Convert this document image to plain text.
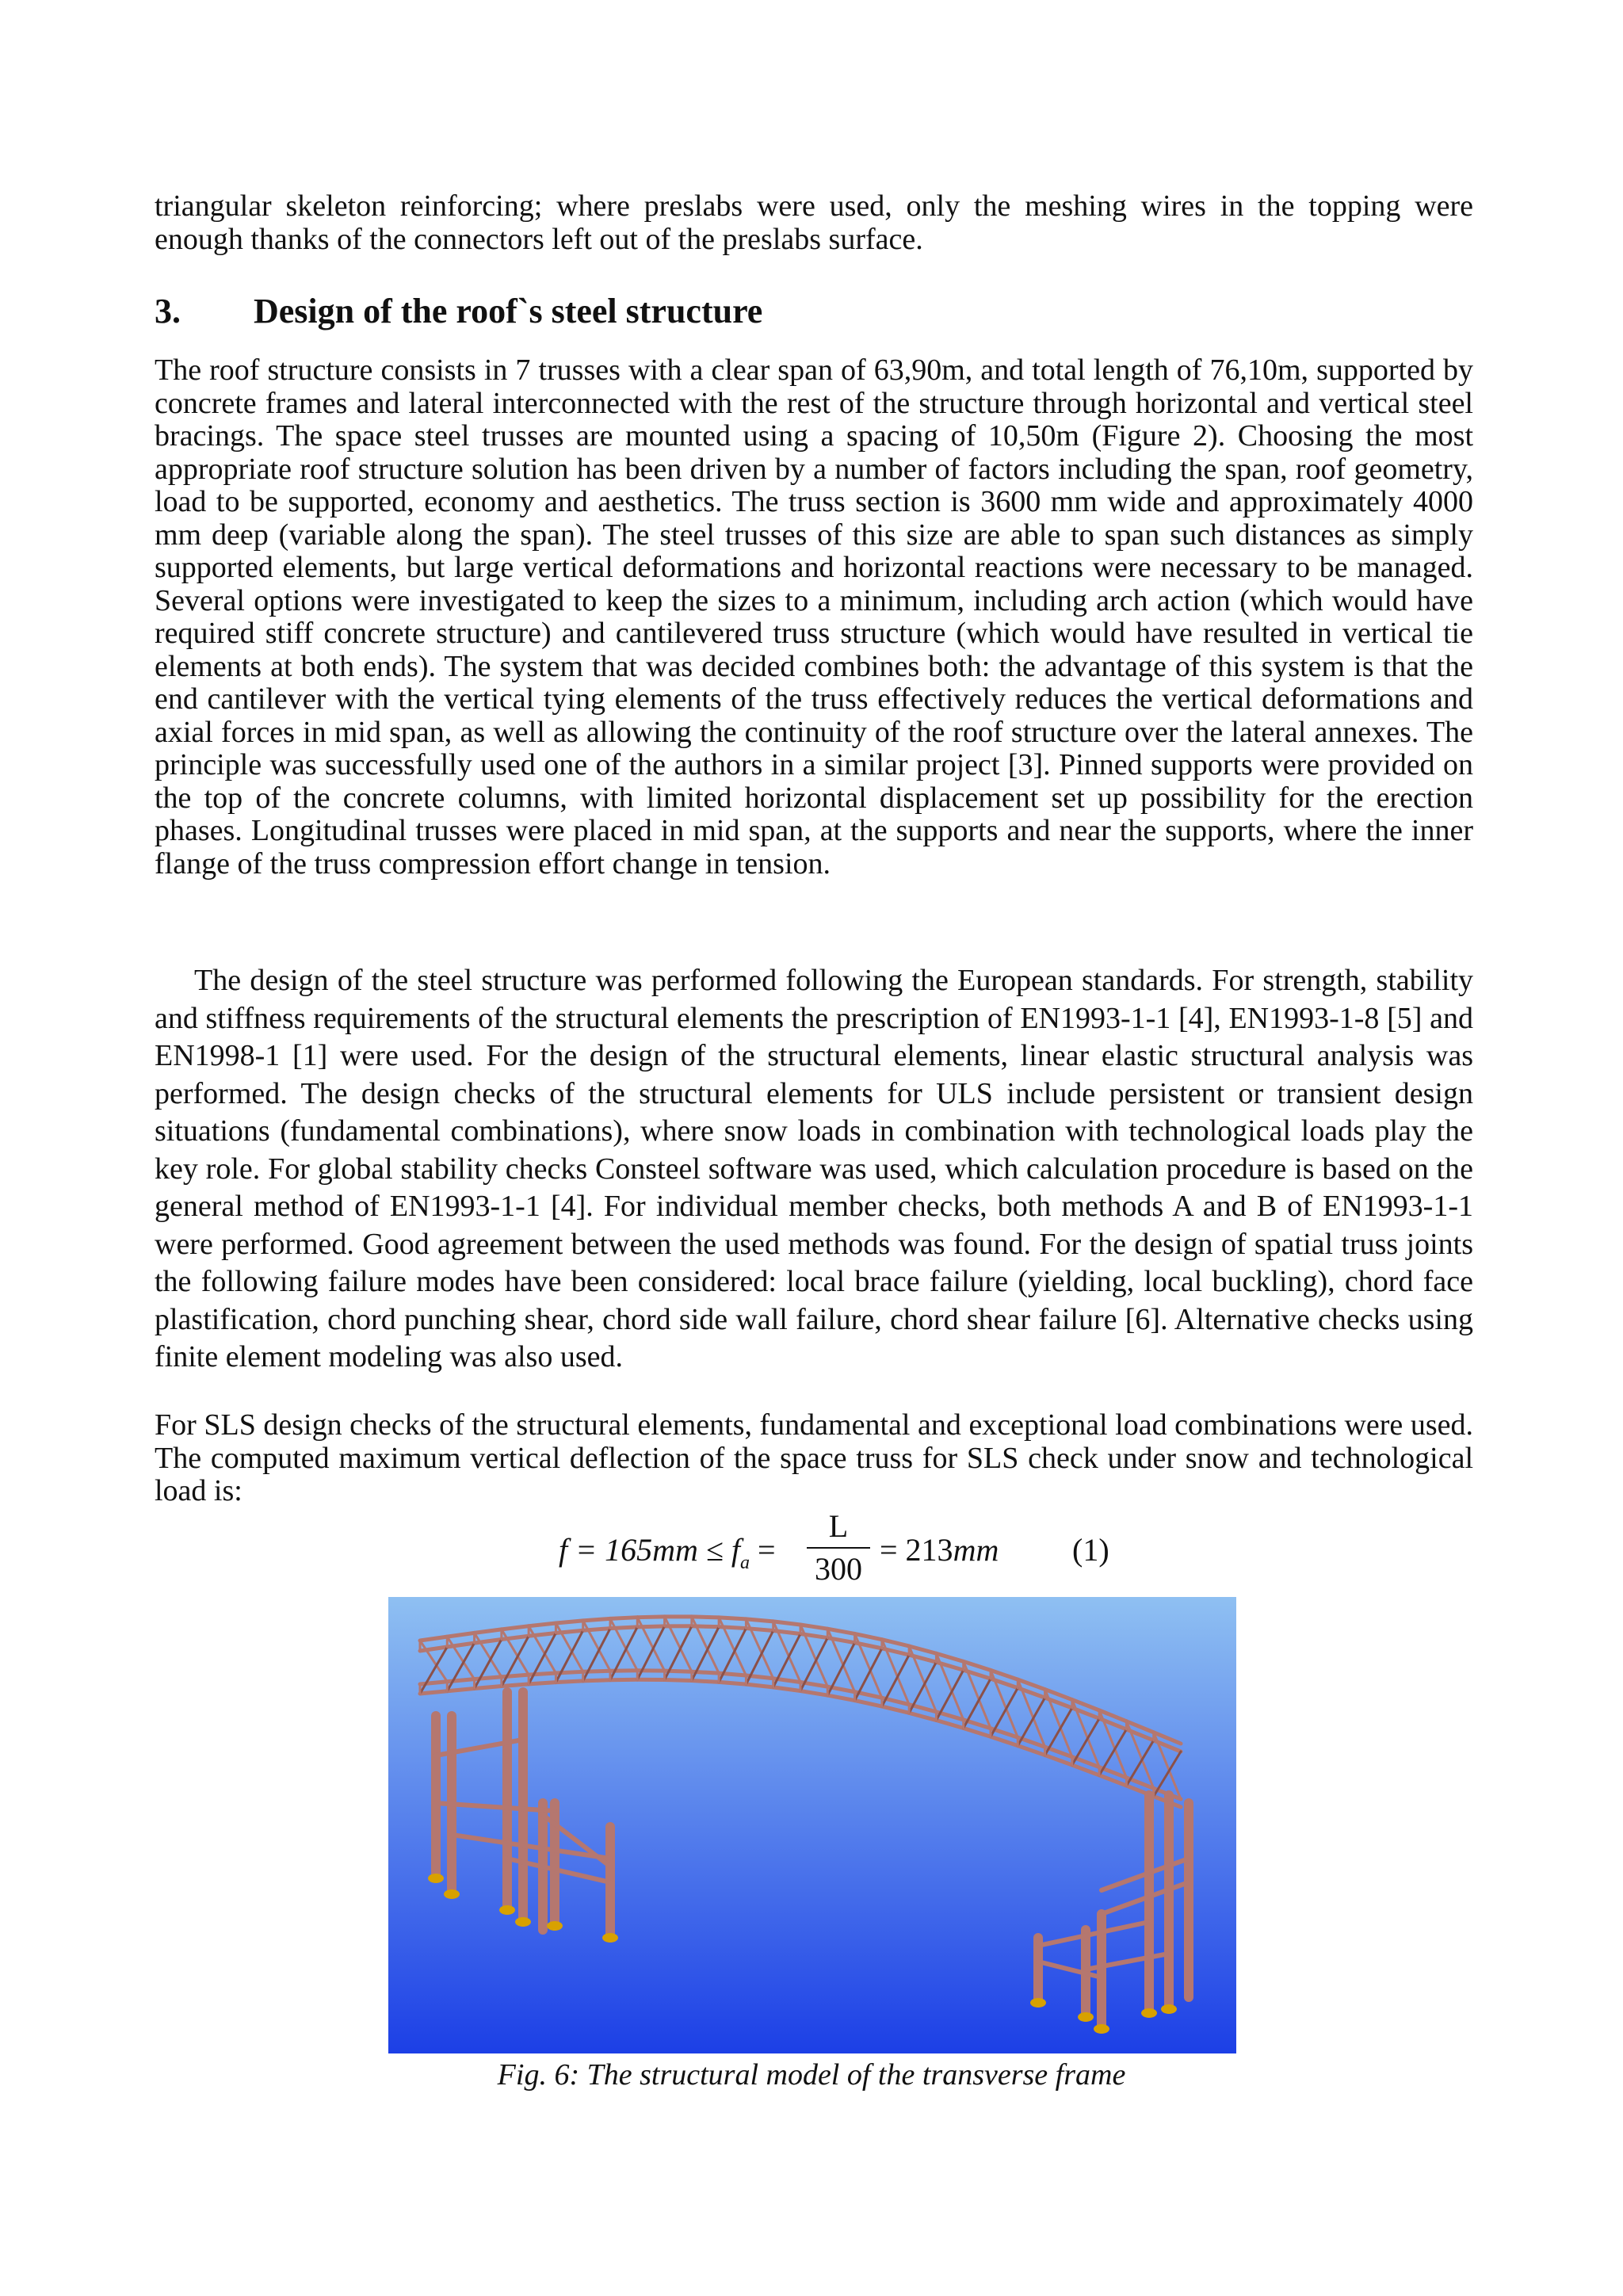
triangular skeleton reinforcing; where preslabs were used, only the meshing wires in the topping were enough thanks of the connectors left out of the preslabs surface.

3. Design of the roof`s steel structure

The roof structure consists in 7 trusses with a clear span of 63,90m, and total length of 76,10m, supported by concrete frames and lateral interconnected with the rest of the structure through horizontal and vertical steel bracings. The space steel trusses are mounted using a spacing of 10,50m (Figure 2). Choosing the most appropriate roof structure solution has been driven by a number of factors including the span, roof geometry, load to be supported, economy and aesthetics. The truss section is 3600 mm wide and approximately 4000 mm deep (variable along the span). The steel trusses of this size are able to span such distances as simply supported elements, but large vertical deformations and horizontal reactions were necessary to be managed. Several options were investigated to keep the sizes to a minimum, including arch action (which would have required stiff concrete structure) and cantilevered truss structure (which would have resulted in vertical tie elements at both ends). The system that was decided combines both: the advantage of this system is that the end cantilever with the vertical tying elements of the truss effectively reduces the vertical deformations and axial forces in mid span, as well as allowing the continuity of the roof structure over the lateral annexes. The principle was successfully used one of the authors in a similar project [3]. Pinned supports were provided on the top of the concrete columns, with limited horizontal displacement set up possibility for the erection phases. Longitudinal trusses were placed in mid span, at the supports and near the supports, where the inner flange of the truss compression effort change in tension.

The design of the steel structure was performed following the European standards. For strength, stability and stiffness requirements of the structural elements the prescription of EN1993-1-1 [4], EN1993-1-8 [5] and EN1998-1 [1] were used. For the design of the structural elements, linear elastic structural analysis was performed. The design checks of the structural elements for ULS include persistent or transient design situations (fundamental combinations), where snow loads in combination with technological loads play the key role. For global stability checks Consteel software was used, which calculation procedure is based on the general method of EN1993-1-1 [4]. For individual member checks, both methods A and B of EN1993-1-1 were performed. Good agreement between the used methods was found. For the design of spatial truss joints the following failure modes have been considered: local brace failure (yielding, local buckling), chord face plastification, chord punching shear, chord side wall failure, chord shear failure [6]. Alternative checks using finite element modeling was also used.

For SLS design checks of the structural elements, fundamental and exceptional load combinations were used. The computed maximum vertical deflection of the space truss for SLS check under snow and technological load is:

$f = 165mm \le f_a$ =
L
300
= 213mm (1)
Fig. 6: The structural model of the transverse frame
